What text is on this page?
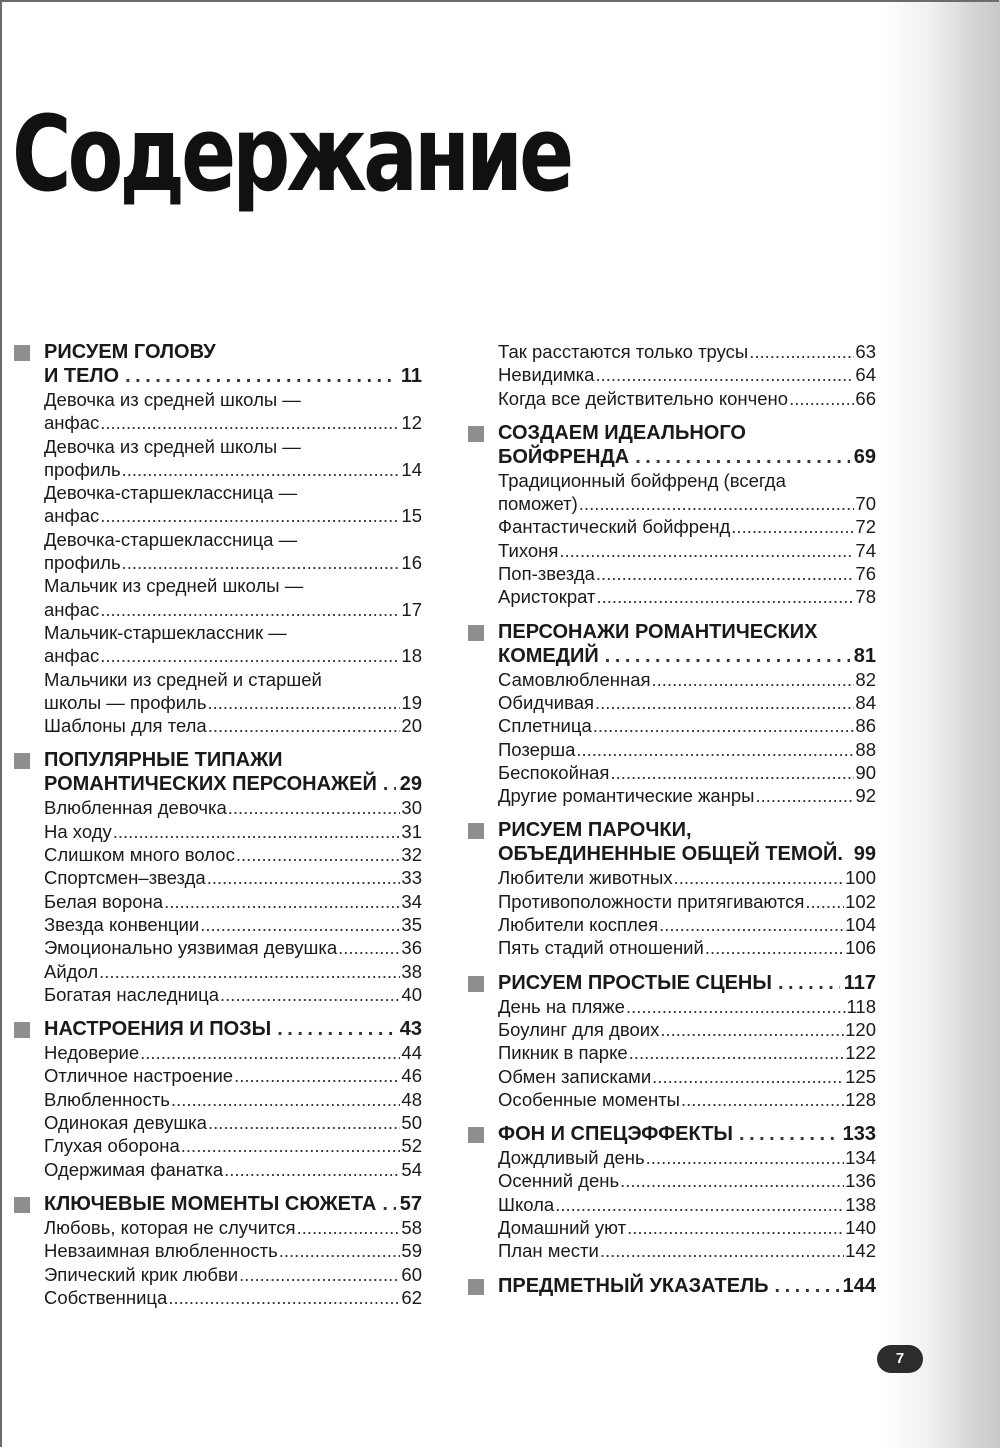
Содержание
РИСУЕМ ГОЛОВУ
И ТЕЛО .....	11
Девочка из средней школы —
анфас .....	12
Девочка из средней школы —
профиль .....	14
Девочка-старшеклассница —
анфас .....	15
Девочка-старшеклассница —
профиль .....	16
Мальчик из средней школы —
анфас .....	17
Мальчик-старшеклассник —
анфас .....	18
Мальчики из средней и старшей
школы — профиль .....	19
Шаблоны для тела .....	20
ПОПУЛЯРНЫЕ ТИПАЖИ
РОМАНТИЧЕСКИХ ПЕРСОНАЖЕЙ ..... 29
Влюбленная девочка .....	30
На ходу .....	31
Слишком много волос .....	32
Спортсмен–звезда .....	33
Белая ворона .....	34
Звезда конвенции .....	35
Эмоционально уязвимая девушка .....	36
Айдол .....	38
Богатая наследница .....	40
НАСТРОЕНИЯ И ПОЗЫ .....	43
Недоверие .....	44
Отличное настроение .....	46
Влюбленность .....	48
Одинокая девушка .....	50
Глухая оборона .....	52
Одержимая фанатка .....	54
КЛЮЧЕВЫЕ МОМЕНТЫ СЮЖЕТА ..... 57
Любовь, которая не случится .....	58
Невзаимная влюбленность .....	59
Эпический крик любви .....	60
Собственница .....	62
Так расстаются только трусы .....	63
Невидимка .....	64
Когда все действительно кончено .....	66
СОЗДАЕМ ИДЕАЛЬНОГО
БОЙФРЕНДА .....	69
Традиционный бойфренд (всегда
поможет) .....	70
Фантастический бойфренд .....	72
Тихоня .....	74
Поп-звезда .....	76
Аристократ .....	78
ПЕРСОНАЖИ РОМАНТИЧЕСКИХ
КОМЕДИЙ .....	81
Самовлюбленная .....	82
Обидчивая .....	84
Сплетница .....	86
Позерша .....	88
Беспокойная .....	90
Другие романтические жанры .....	92
РИСУЕМ ПАРОЧКИ,
ОБЪЕДИНЕННЫЕ ОБЩЕЙ ТЕМОЙ. ..... 99
Любители животных .....	100
Противоположности притягиваются ..... 102
Любители косплея .....	104
Пять стадий отношений .....	106
РИСУЕМ ПРОСТЫЕ СЦЕНЫ .....	117
День на пляже .....	118
Боулинг для двоих .....	120
Пикник в парке .....	122
Обмен записками .....	125
Особенные моменты .....	128
ФОН И СПЕЦЭФФЕКТЫ .....	133
Дождливый день .....	134
Осенний день .....	136
Школа .....	138
Домашний уют .....	140
План мести .....	142
ПРЕДМЕТНЫЙ УКАЗАТЕЛЬ .....	144
7
